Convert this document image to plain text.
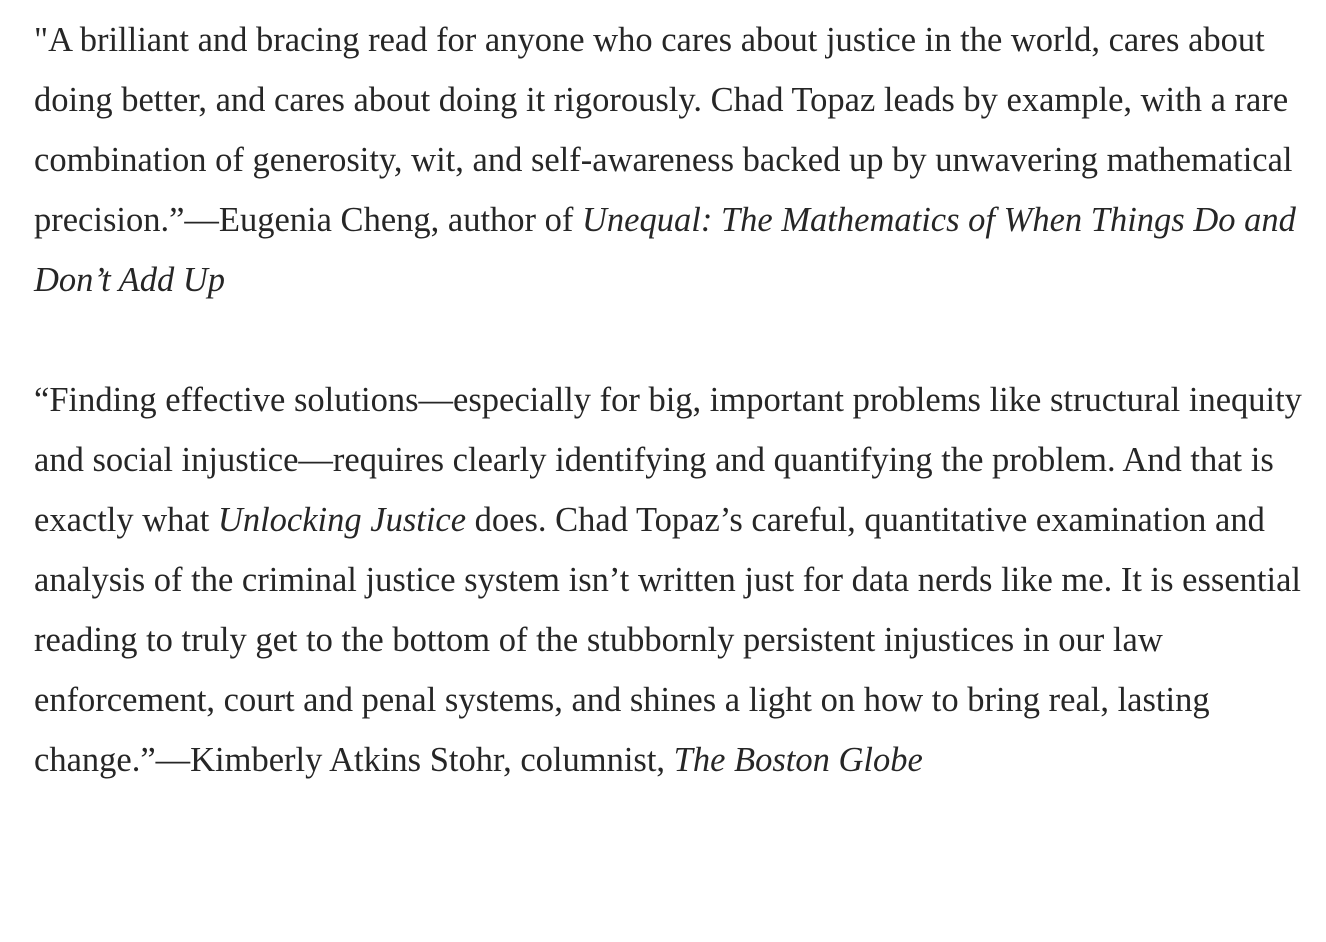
"A brilliant and bracing read for anyone who cares about justice in the world, cares about doing better, and cares about doing it rigorously. Chad Topaz leads by example, with a rare combination of generosity, wit, and self-awareness backed up by unwavering mathematical precision.”—Eugenia Cheng, author of Unequal: The Mathematics of When Things Do and Don’t Add Up

“Finding effective solutions—especially for big, important problems like structural inequity and social injustice—requires clearly identifying and quantifying the problem. And that is exactly what Unlocking Justice does. Chad Topaz’s careful, quantitative examination and analysis of the criminal justice system isn’t written just for data nerds like me. It is essential reading to truly get to the bottom of the stubbornly persistent injustices in our law enforcement, court and penal systems, and shines a light on how to bring real, lasting change.”—Kimberly Atkins Stohr, columnist, The Boston Globe
